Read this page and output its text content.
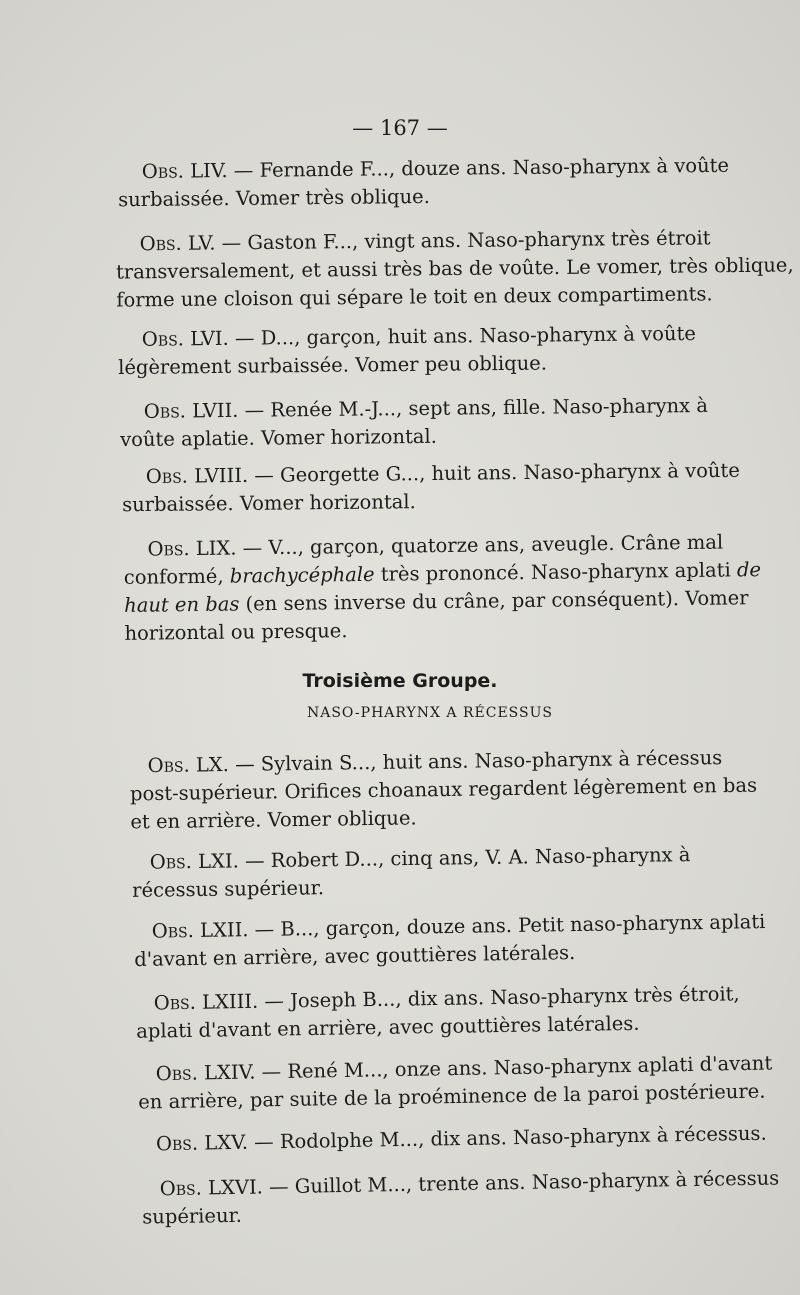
— 167 —
Obs. LIV. — Fernande F..., douze ans. Naso-pharynx à voûte
surbaissée. Vomer très oblique.
Obs. LV. — Gaston F..., vingt ans. Naso-pharynx très étroit
transversalement, et aussi très bas de voûte. Le vomer, très oblique,
forme une cloison qui sépare le toit en deux compartiments.
Obs. LVI. — D..., garçon, huit ans. Naso-pharynx à voûte
légèrement surbaissée. Vomer peu oblique.
Obs. LVII. — Renée M.-J..., sept ans, fille. Naso-pharynx à
voûte aplatie. Vomer horizontal.
Obs. LVIII. — Georgette G..., huit ans. Naso-pharynx à voûte
surbaissée. Vomer horizontal.
Obs. LIX. — V..., garçon, quatorze ans, aveugle. Crâne mal
conformé, brachycéphale très prononcé. Naso-pharynx aplati de
haut en bas (en sens inverse du crâne, par conséquent). Vomer
horizontal ou presque.
Troisième Groupe.
NASO-PHARYNX A RÉCESSUS
Obs. LX. — Sylvain S..., huit ans. Naso-pharynx à récessus
post-supérieur. Orifices choanaux regardent légèrement en bas
et en arrière. Vomer oblique.
Obs. LXI. — Robert D..., cinq ans, V. A. Naso-pharynx à
récessus supérieur.
Obs. LXII. — B..., garçon, douze ans. Petit naso-pharynx aplati
d'avant en arrière, avec gouttières latérales.
Obs. LXIII. — Joseph B..., dix ans. Naso-pharynx très étroit,
aplati d'avant en arrière, avec gouttières latérales.
Obs. LXIV. — René M..., onze ans. Naso-pharynx aplati d'avant
en arrière, par suite de la proéminence de la paroi postérieure.
Obs. LXV. — Rodolphe M..., dix ans. Naso-pharynx à récessus.
Obs. LXVI. — Guillot M..., trente ans. Naso-pharynx à récessus
supérieur.
